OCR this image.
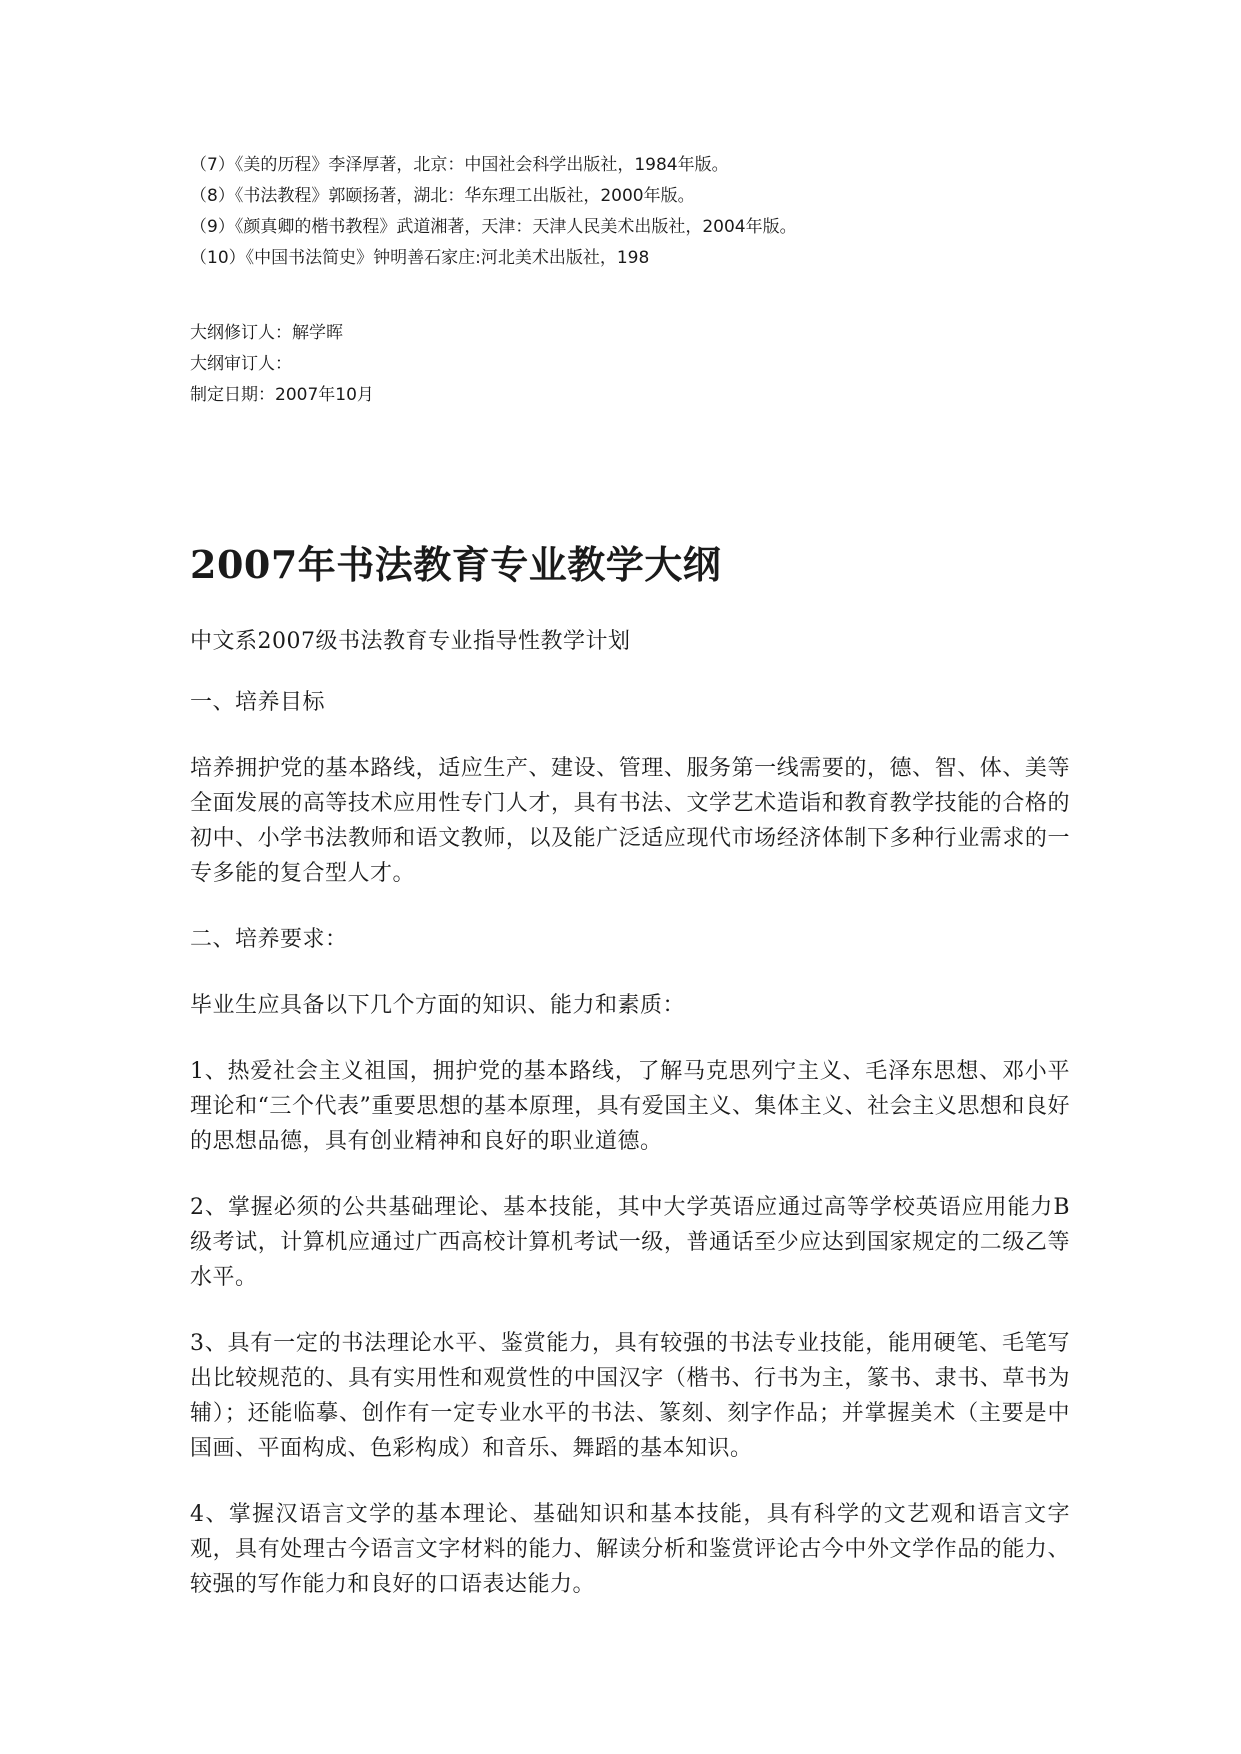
（7）《美的历程》李泽厚著，北京：中国社会科学出版社，1984年版。
（8）《书法教程》郭颐扬著，湖北：华东理工出版社，2000年版。
（9）《颜真卿的楷书教程》武道湘著，天津：天津人民美术出版社，2004年版。
（10）《中国书法简史》钟明善石家庄:河北美术出版社，198
大纲修订人：解学晖
大纲审订人：
制定日期：2007年10月
2007年书法教育专业教学大纲
中文系2007级书法教育专业指导性教学计划
一、培养目标
培养拥护党的基本路线，适应生产、建设、管理、服务第一线需要的，德、智、体、美等全面发展的高等技术应用性专门人才，具有书法、文学艺术造诣和教育教学技能的合格的初中、小学书法教师和语文教师，以及能广泛适应现代市场经济体制下多种行业需求的一专多能的复合型人才。
二、培养要求：
毕业生应具备以下几个方面的知识、能力和素质：
1、热爱社会主义祖国，拥护党的基本路线，了解马克思列宁主义、毛泽东思想、邓小平理论和“三个代表”重要思想的基本原理，具有爱国主义、集体主义、社会主义思想和良好的思想品德，具有创业精神和良好的职业道德。
2、掌握必须的公共基础理论、基本技能，其中大学英语应通过高等学校英语应用能力B级考试，计算机应通过广西高校计算机考试一级，普通话至少应达到国家规定的二级乙等水平。
3、具有一定的书法理论水平、鉴赏能力，具有较强的书法专业技能，能用硬笔、毛笔写出比较规范的、具有实用性和观赏性的中国汉字（楷书、行书为主，篆书、隶书、草书为辅）；还能临摹、创作有一定专业水平的书法、篆刻、刻字作品；并掌握美术（主要是中国画、平面构成、色彩构成）和音乐、舞蹈的基本知识。
4、掌握汉语言文学的基本理论、基础知识和基本技能，具有科学的文艺观和语言文字观，具有处理古今语言文字材料的能力、解读分析和鉴赏评论古今中外文学作品的能力、较强的写作能力和良好的口语表达能力。
